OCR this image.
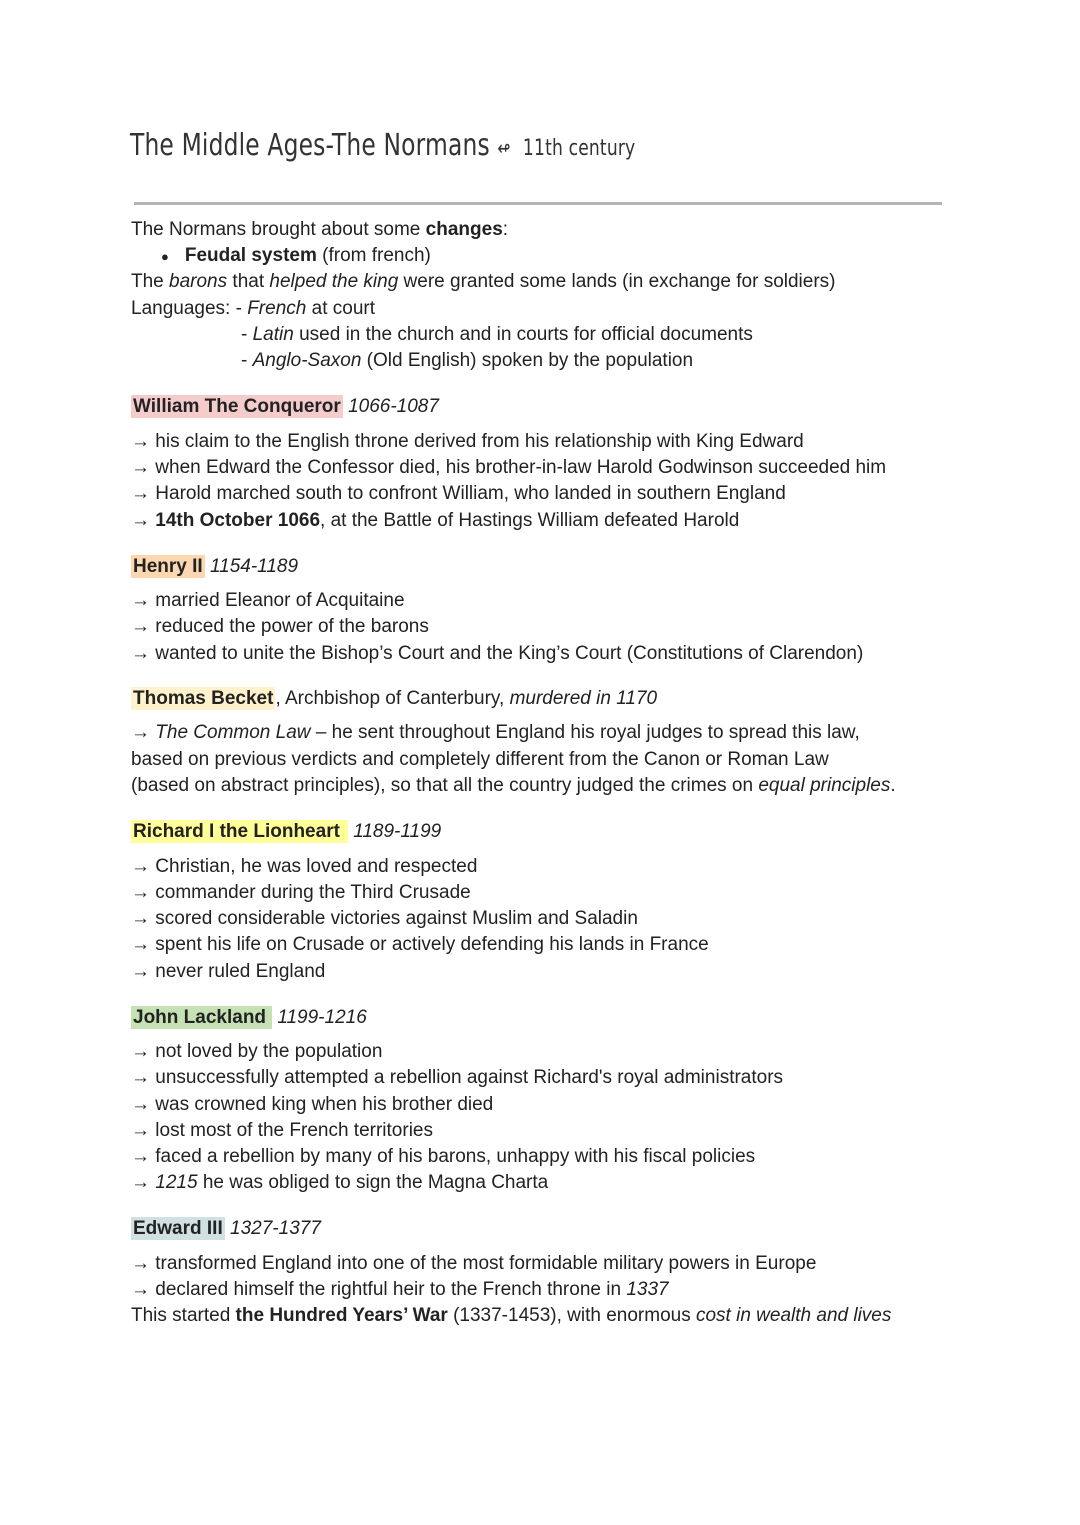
The Middle Ages-The Normans ↫ 11th century
The Normans brought about some changes:
● Feudal system (from french)
The barons that helped the king were granted some lands (in exchange for soldiers)
Languages: - French at court
- Latin used in the church and in courts for official documents
- Anglo-Saxon (Old English) spoken by the population
William The Conqueror 1066-1087
→ his claim to the English throne derived from his relationship with King Edward
→ when Edward the Confessor died, his brother-in-law Harold Godwinson succeeded him
→ Harold marched south to confront William, who landed in southern England
→ 14th October 1066, at the Battle of Hastings William defeated Harold
Henry II 1154-1189
→ married Eleanor of Acquitaine
→ reduced the power of the barons
→ wanted to unite the Bishop’s Court and the King’s Court (Constitutions of Clarendon)
Thomas Becket , Archbishop of Canterbury, murdered in 1170
→ The Common Law – he sent throughout England his royal judges to spread this law,
based on previous verdicts and completely different from the Canon or Roman Law
(based on abstract principles), so that all the country judged the crimes on equal principles.
Richard I the Lionheart 1189-1199
→ Christian, he was loved and respected
→ commander during the Third Crusade
→ scored considerable victories against Muslim and Saladin
→ spent his life on Crusade or actively defending his lands in France
→ never ruled England
John Lackland 1199-1216
→ not loved by the population
→ unsuccessfully attempted a rebellion against Richard's royal administrators
→ was crowned king when his brother died
→ lost most of the French territories
→ faced a rebellion by many of his barons, unhappy with his fiscal policies
→ 1215 he was obliged to sign the Magna Charta
Edward III 1327-1377
→ transformed England into one of the most formidable military powers in Europe
→ declared himself the rightful heir to the French throne in 1337
This started the Hundred Years’ War (1337-1453), with enormous cost in wealth and lives
